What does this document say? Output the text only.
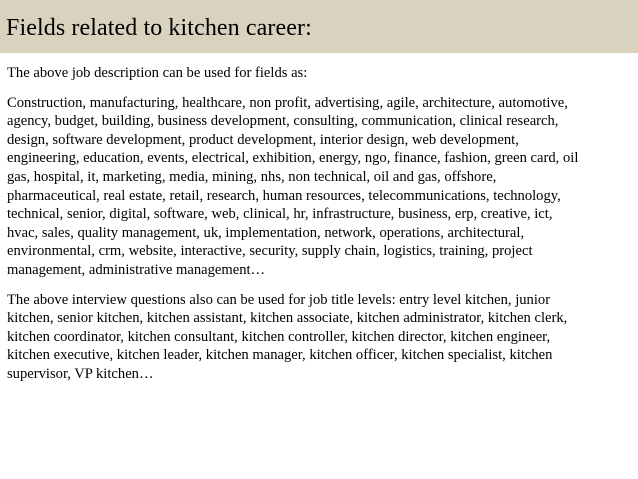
Fields related to kitchen career:

The above job description can be used for fields as:

Construction, manufacturing, healthcare, non profit, advertising, agile, architecture, automotive,

agency, budget, building, business development, consulting, communication, clinical research,

design, software development, product development, interior design, web development,

engineering, education, events, electrical, exhibition, energy, ngo, finance, fashion, green card, oil

gas, hospital, it, marketing, media, mining, nhs, non technical, oil and gas, offshore,

pharmaceutical, real estate, retail, research, human resources, telecommunications, technology,

technical, senior, digital, software, web, clinical, hr, infrastructure, business, erp, creative, ict,

hvac, sales, quality management, uk, implementation, network, operations, architectural,

environmental, crm, website, interactive, security, supply chain, logistics, training, project

management, administrative management…

The above interview questions also can be used for job title levels: entry level kitchen, junior

kitchen, senior kitchen, kitchen assistant, kitchen associate, kitchen administrator, kitchen clerk,

kitchen coordinator, kitchen consultant, kitchen controller, kitchen director, kitchen engineer,

kitchen executive, kitchen leader, kitchen manager, kitchen officer, kitchen specialist, kitchen

supervisor, VP kitchen…
